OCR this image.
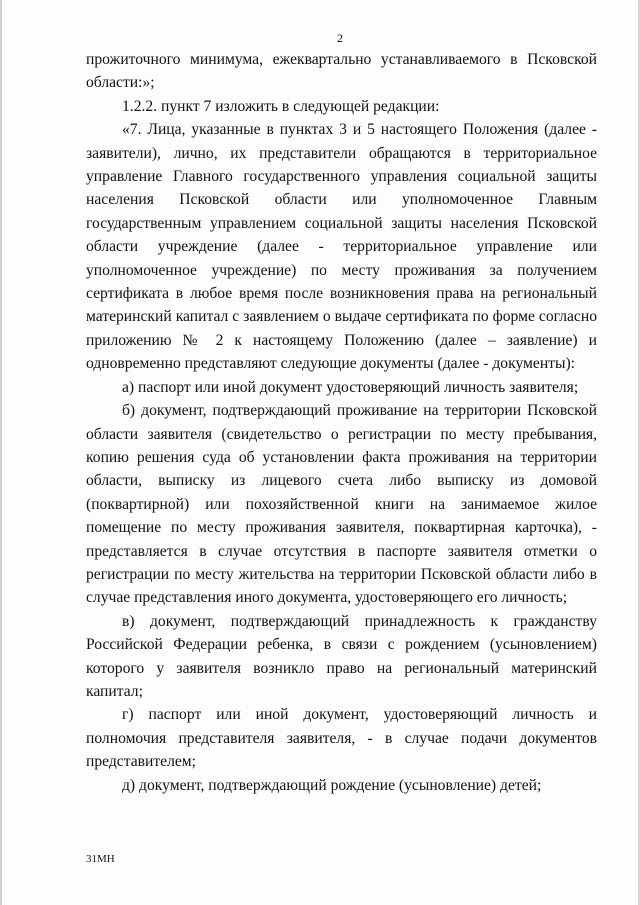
2

прожиточного минимума, ежеквартально устанавливаемого в Псковской области:»;

1.2.2. пункт 7 изложить в следующей редакции:

«7. Лица, указанные в пунктах 3 и 5 настоящего Положения (далее - заявители), лично, их представители обращаются в территориальное управление Главного государственного управления социальной защиты населения Псковской области или уполномоченное Главным государственным управлением социальной защиты населения Псковской области учреждение (далее - территориальное управление или уполномоченное учреждение) по месту проживания за получением сертификата в любое время после возникновения права на региональный материнский капитал с заявлением о выдаче сертификата по форме согласно приложению № 2 к настоящему Положению (далее – заявление) и одновременно представляют следующие документы (далее - документы):

а) паспорт или иной документ удостоверяющий личность заявителя;

б) документ, подтверждающий проживание на территории Псковской области заявителя (свидетельство о регистрации по месту пребывания, копию решения суда об установлении факта проживания на территории области, выписку из лицевого счета либо выписку из домовой (поквартирной) или похозяйственной книги на занимаемое жилое помещение по месту проживания заявителя, поквартирная карточка), - представляется в случае отсутствия в паспорте заявителя отметки о регистрации по месту жительства на территории Псковской области либо в случае представления иного документа, удостоверяющего его личность;

в) документ, подтверждающий принадлежность к гражданству Российской Федерации ребенка, в связи с рождением (усыновлением) которого у заявителя возникло право на региональный материнский капитал;

г) паспорт или иной документ, удостоверяющий личность и полномочия представителя заявителя, - в случае подачи документов представителем;

д) документ, подтверждающий рождение (усыновление) детей;

31МН
